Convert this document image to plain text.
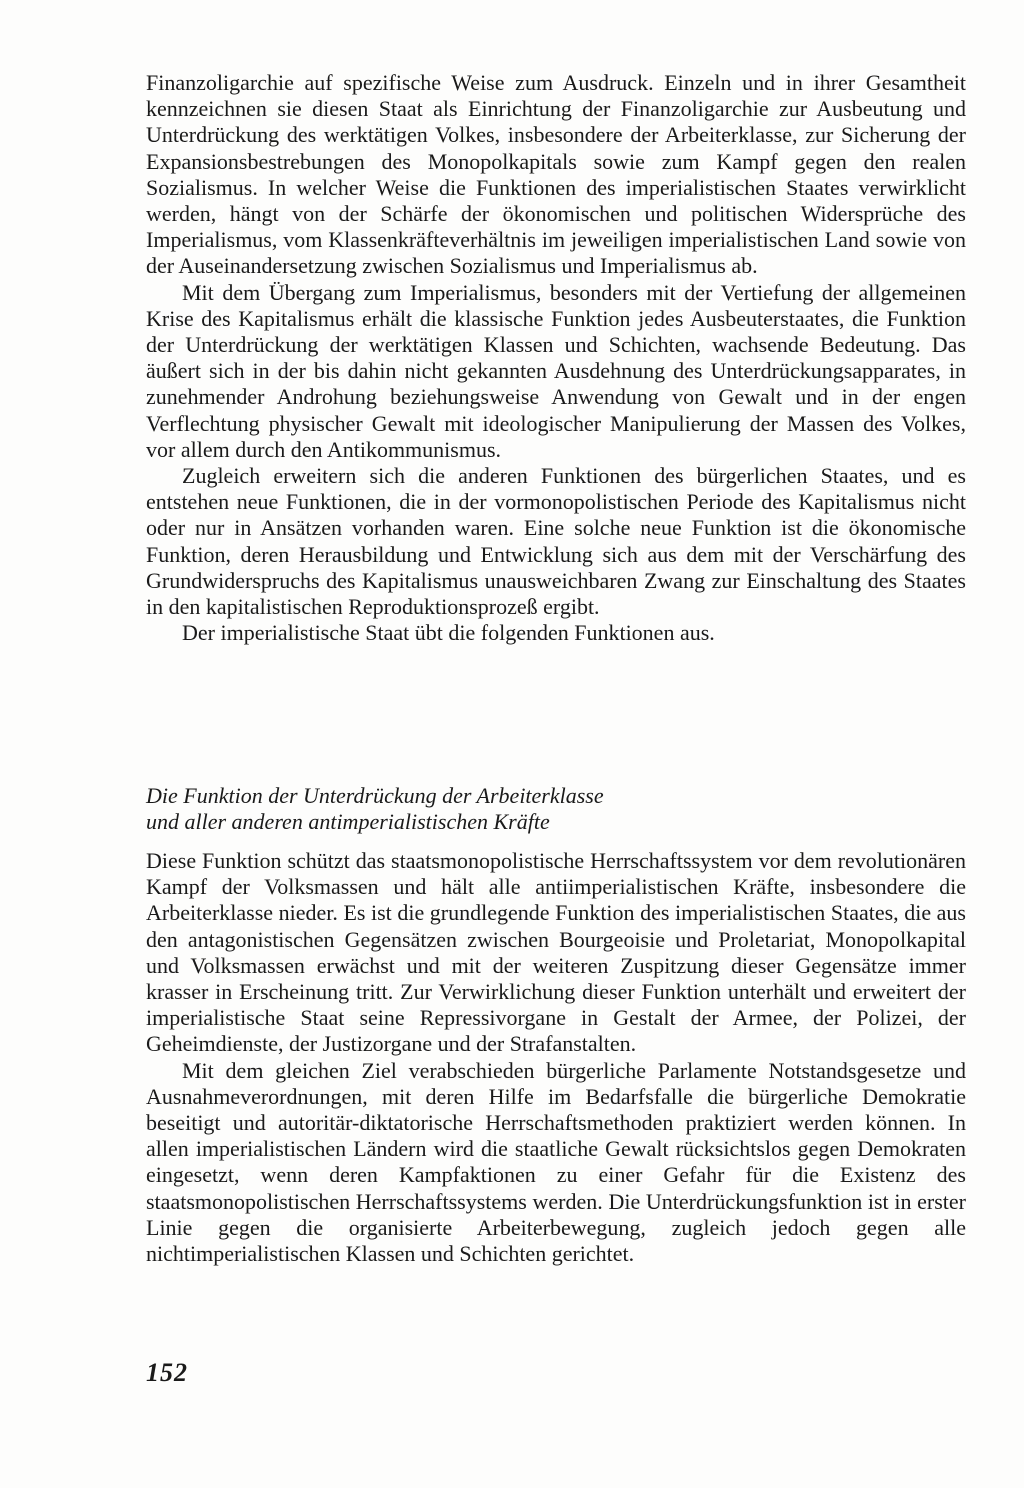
Finanzoligarchie auf spezifische Weise zum Ausdruck. Einzeln und in ihrer Gesamtheit kennzeichnen sie diesen Staat als Einrichtung der Finanzoligarchie zur Ausbeutung und Unterdrückung des werktätigen Volkes, insbesondere der Arbeiterklasse, zur Sicherung der Expansionsbestrebungen des Monopolkapitals sowie zum Kampf gegen den realen Sozialismus. In welcher Weise die Funktionen des imperialistischen Staates verwirklicht werden, hängt von der Schärfe der ökonomischen und politischen Widersprüche des Imperialismus, vom Klassenkräfteverhältnis im jeweiligen imperialistischen Land sowie von der Auseinandersetzung zwischen Sozialismus und Imperialismus ab.

Mit dem Übergang zum Imperialismus, besonders mit der Vertiefung der allgemeinen Krise des Kapitalismus erhält die klassische Funktion jedes Ausbeuterstaates, die Funktion der Unterdrückung der werktätigen Klassen und Schichten, wachsende Bedeutung. Das äußert sich in der bis dahin nicht gekannten Ausdehnung des Unterdrückungsapparates, in zunehmender Androhung beziehungsweise Anwendung von Gewalt und in der engen Verflechtung physischer Gewalt mit ideologischer Manipulierung der Massen des Volkes, vor allem durch den Antikommunismus.

Zugleich erweitern sich die anderen Funktionen des bürgerlichen Staates, und es entstehen neue Funktionen, die in der vormonopolistischen Periode des Kapitalismus nicht oder nur in Ansätzen vorhanden waren. Eine solche neue Funktion ist die ökonomische Funktion, deren Herausbildung und Entwicklung sich aus dem mit der Verschärfung des Grundwiderspruchs des Kapitalismus unausweichbaren Zwang zur Einschaltung des Staates in den kapitalistischen Reproduktionsprozeß ergibt.

Der imperialistische Staat übt die folgenden Funktionen aus.

Die Funktion der Unterdrückung der Arbeiterklasse
und aller anderen antimperialistischen Kräfte

Diese Funktion schützt das staatsmonopolistische Herrschaftssystem vor dem revolutionären Kampf der Volksmassen und hält alle antiimperialistischen Kräfte, insbesondere die Arbeiterklasse nieder. Es ist die grundlegende Funktion des imperialistischen Staates, die aus den antagonistischen Gegensätzen zwischen Bourgeoisie und Proletariat, Monopolkapital und Volksmassen erwächst und mit der weiteren Zuspitzung dieser Gegensätze immer krasser in Erscheinung tritt. Zur Verwirklichung dieser Funktion unterhält und erweitert der imperialistische Staat seine Repressivorgane in Gestalt der Armee, der Polizei, der Geheimdienste, der Justizorgane und der Strafanstalten.

Mit dem gleichen Ziel verabschieden bürgerliche Parlamente Notstandsgesetze und Ausnahmeverordnungen, mit deren Hilfe im Bedarfsfalle die bürgerliche Demokratie beseitigt und autoritär-diktatorische Herrschaftsmethoden praktiziert werden können. In allen imperialistischen Ländern wird die staatliche Gewalt rücksichtslos gegen Demokraten eingesetzt, wenn deren Kampfaktionen zu einer Gefahr für die Existenz des staatsmonopolistischen Herrschaftssystems werden. Die Unterdrückungsfunktion ist in erster Linie gegen die organisierte Arbeiterbewegung, zugleich jedoch gegen alle nichtimperialistischen Klassen und Schichten gerichtet.

152
